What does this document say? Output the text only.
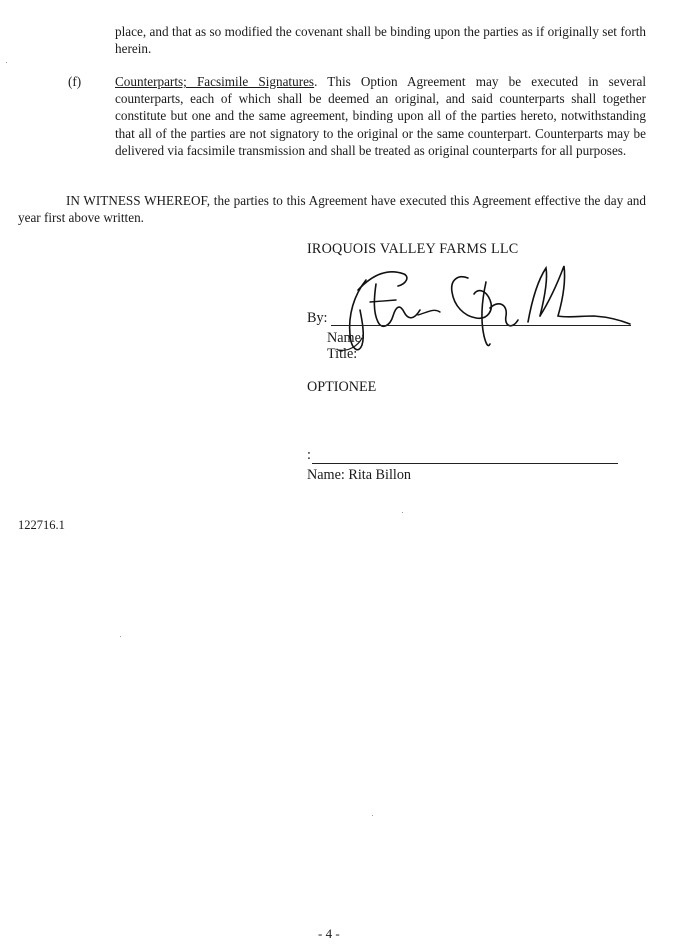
place, and that as so modified the covenant shall be binding upon the parties as if originally set forth herein.
(f)	Counterparts; Facsimile Signatures. This Option Agreement may be executed in several counterparts, each of which shall be deemed an original, and said counterparts shall together constitute but one and the same agreement, binding upon all of the parties hereto, notwithstanding that all of the parties are not signatory to the original or the same counterpart. Counterparts may be delivered via facsimile transmission and shall be treated as original counterparts for all purposes.
IN WITNESS WHEREOF, the parties to this Agreement have executed this Agreement effective the day and year first above written.
IROQUOIS VALLEY FARMS LLC
By:
Name:
Title:
OPTIONEE
:
Name: Rita Billon
122716.1
- 4 -
